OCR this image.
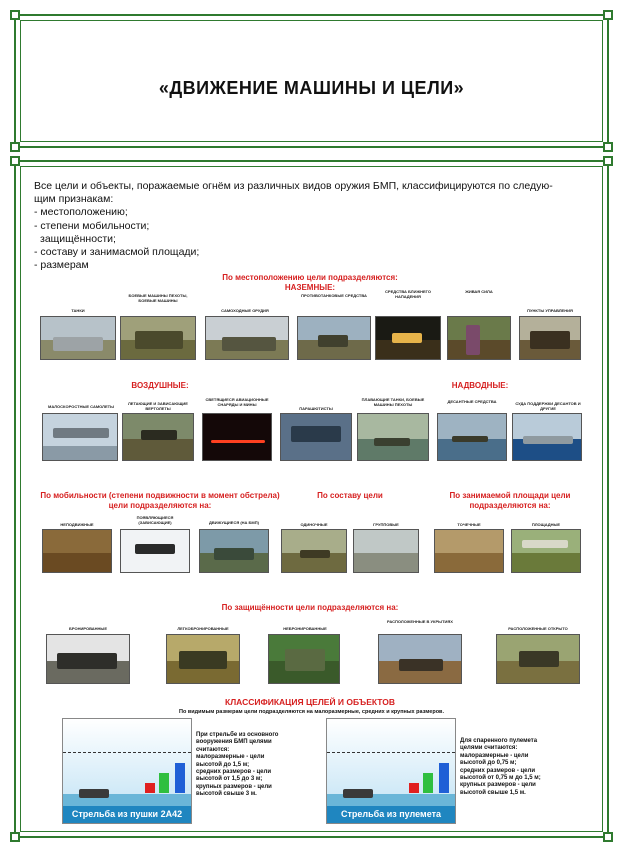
«ДВИЖЕНИЕ МАШИНЫ И ЦЕЛИ»

Все цели и объекты, поражаемые огнём из различных видов оружия БМП, классифицируются по следую-

щим признакам:

- местоположению;

- степени мобильности;

защищённости;

- составу и занимасмой площади;

- размерам

По местоположению цели подразделяются:
НАЗЕМНЫЕ:
ТАНКИ
БОЕВЫЕ МАШИНЫ ПЕХОТЫ, БОЕВЫЕ МАШИНЫ
САМОХОДНЫЕ ОРУДИЯ
ПРОТИВОТАНКОВЫЕ СРЕДСТВА
СРЕДСТВА БЛИЖНЕГО НАПАДЕНИЯ
ЖИВАЯ СИЛА
ПУНКТЫ УПРАВЛЕНИЯ
ВОЗДУШНЫЕ:	НАДВОДНЫЕ:
МАЛОСКОРОСТНЫЕ САМОЛЕТЫ
ЛЕТАЮЩИЕ И ЗАВИСАЮЩИЕ ВЕРТОЛЕТЫ
СВЕТЯЩИЕСЯ АВИАЦИОННЫЕ СНАРЯДЫ И МИНЫ
ПАРАШЮТИСТЫ
ПЛАВАЮЩИЕ ТАНКИ, БОЕВЫЕ МАШИНЫ ПЕХОТЫ	ДЕСАНТНЫЕ СРЕДСТВА	СУДА ПОДДЕРЖКИ ДЕСАНТОВ И ДРУГИЕ
По мобильности (степени подвижности в момент обстрела) цели подразделяются на:
По составу цели	По занимаемой площади цели подразделяются на:
НЕПОДВИЖНЫЕ
ПОЯВЛЯЮЩИЕСЯ (ЗАВИСАЮЩИЕ)	ДВИЖУЩИЕСЯ (НА БМП)	ОДИНОЧНЫЕ	ГРУППОВЫЕ	ТОЧЕЧНЫЕ	ПЛОЩАДНЫЕ
По защищённости цели подразделяются на:
БРОНИРОВАННЫЕ	ЛЕГКОБРОНИРОВАННЫЕ	НЕБРОНИРОВАННЫЕ
РАСПОЛОЖЕННЫЕ В УКРЫТИЯХ
РАСПОЛОЖЕННЫЕ ОТКРЫТО
КЛАССИФИКАЦИЯ ЦЕЛЕЙ И ОБЪЕКТОВ
По видимым размерам цели подразделяются на малоразмерные, средних и крупных размеров.
Стрельба из пушки 2А42
При стрельбе из основного
вооружения БМП целями
считаются:
малоразмерные - цели
высотой до 1,5 м;
средних размеров - цели
высотой от 1,5 до 3 м;
крупных размеров - цели
высотой свыше 3 м.
Стрельба из пулемета
Для спаренного пулемета
целями считаются:
малоразмерные - цели
высотой до 0,75 м;
средних размеров - цели
высотой от 0,75 м до 1,5 м;
крупных размеров - цели
высотой свыше 1,5 м.
